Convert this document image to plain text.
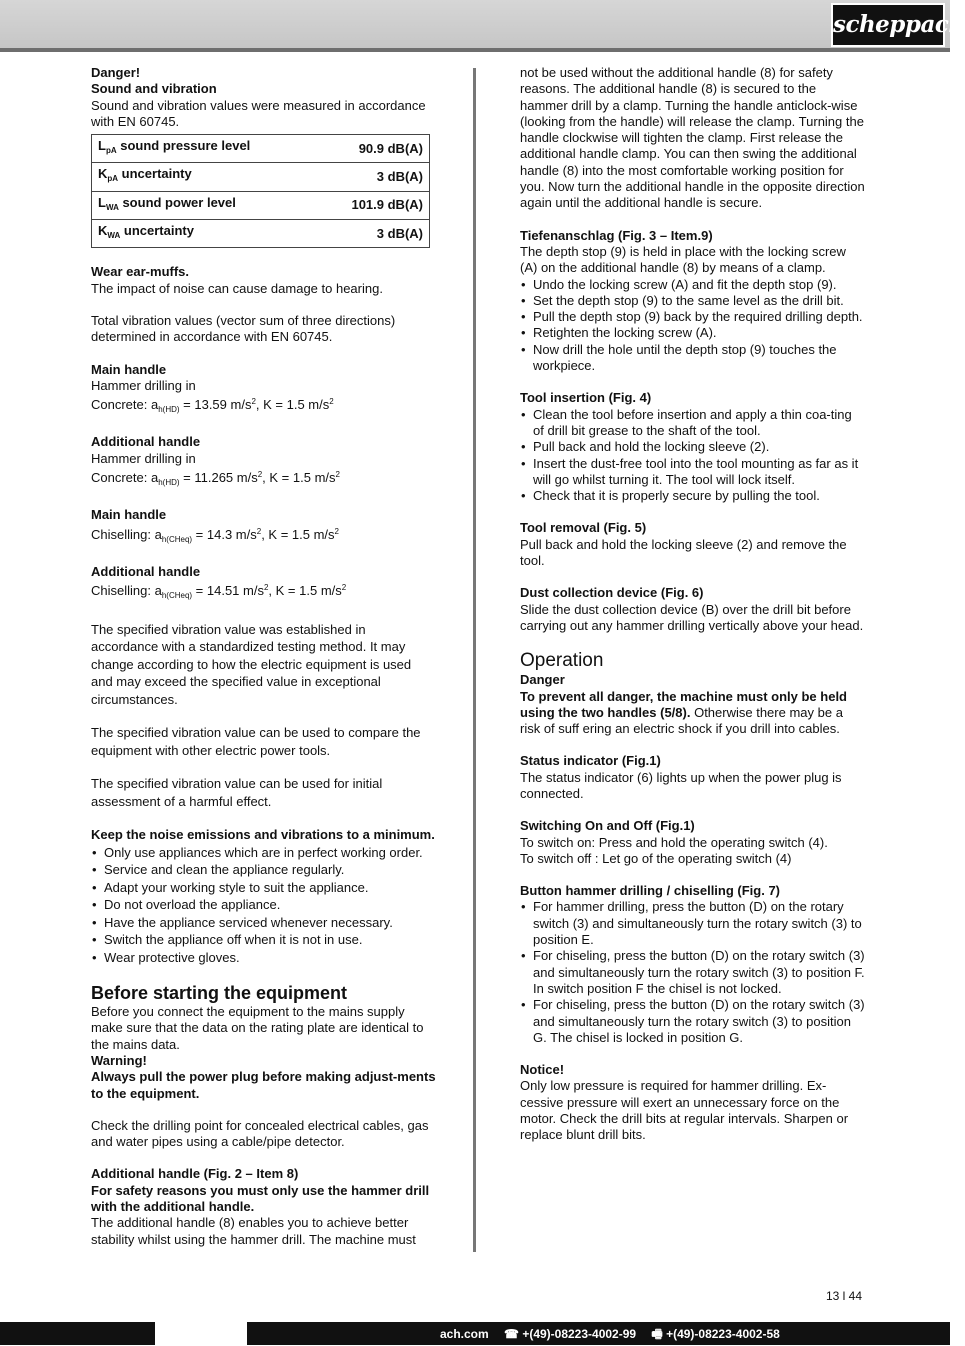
scheppach

Danger!

Sound and vibration

Sound and vibration values were measured in accordance with EN 60745.

$L_{pA}$ sound pressure level	90.9 dB(A)
$K_{pA}$ uncertainty	3 dB(A)
$L_{WA}$ sound power level	101.9 dB(A)
$K_{WA}$ uncertainty	3 dB(A)

Wear ear-muffs.

The impact of noise can cause damage to hearing.

Total vibration values (vector sum of three directions) determined in accordance with EN 60745.

Main handle

Hammer drilling in

Concrete: $a_{h(HD)} = 13.59$ $m/s^2$, K = 1.5 $m/s^2$

Additional handle

Hammer drilling in

Concrete: $a_{h(HD)} = 11.265$ $m/s^2$, K = 1.5 $m/s^2$

Main handle

Chiselling: $a_{h(CHeq)} = 14.3$ $m/s^2$, K = 1.5 $m/s^2$

Additional handle

Chiselling: $a_{h(CHeq)} = 14.51$ $m/s^2$, K = 1.5 $m/s^2$

The specified vibration value was established in accordance with a standardized testing method. It may change according to how the electric equipment is used and may exceed the specified value in exceptional circumstances.

The specified vibration value can be used to compare the equipment with other electric power tools.

The specified vibration value can be used for initial assessment of a harmful effect.

Keep the noise emissions and vibrations to a minimum.

• Only use appliances which are in perfect working order.
• Service and clean the appliance regularly.
• Adapt your working style to suit the appliance.
• Do not overload the appliance.
• Have the appliance serviced whenever necessary.
• Switch the appliance off when it is not in use.
• Wear protective gloves.
Before starting the equipment

Before you connect the equipment to the mains supply make sure that the data on the rating plate are identical to the mains data.

Warning!

Always pull the power plug before making adjust-ments to the equipment.

Check the drilling point for concealed electrical cables, gas and water pipes using a cable/pipe detector.

Additional handle (Fig. 2 – Item 8)

For safety reasons you must only use the hammer drill with the additional handle.

The additional handle (8) enables you to achieve better stability whilst using the hammer drill. The machine must

not be used without the additional handle (8) for safety reasons. The additional handle (8) is secured to the hammer drill by a clamp. Turning the handle anticlock-wise (looking from the handle) will release the clamp. Turning the handle clockwise will tighten the clamp. First release the additional handle clamp. You can then swing the additional handle (8) into the most comfortable working position for you. Now turn the additional handle in the opposite direction again until the additional handle is secure.

Tiefenanschlag (Fig. 3 – Item.9)

The depth stop (9) is held in place with the locking screw (A) on the additional handle (8) by means of a clamp.

• Undo the locking screw (A) and fit the depth stop (9).
• Set the depth stop (9) to the same level as the drill bit.
• Pull the depth stop (9) back by the required drilling depth.
• Retighten the locking screw (A).
• Now drill the hole until the depth stop (9) touches the workpiece.

Tool insertion (Fig. 4)

• Clean the tool before insertion and apply a thin coa-ting of drill bit grease to the shaft of the tool.
• Pull back and hold the locking sleeve (2).
• Insert the dust-free tool into the tool mounting as far as it will go whilst turning it. The tool will lock itself.
• Check that it is properly secure by pulling the tool.

Tool removal (Fig. 5)

Pull back and hold the locking sleeve (2) and remove the tool.

Dust collection device (Fig. 6)

Slide the dust collection device (B) over the drill bit before carrying out any hammer drilling vertically above your head.

Operation

Danger

To prevent all danger, the machine must only be held using the two handles (5/8). Otherwise there may be a risk of suff ering an electric shock if you drill into cables.

Status indicator (Fig.1)

The status indicator (6) lights up when the power plug is connected.

Switching On and Off (Fig.1)

To switch on: Press and hold the operating switch (4).

To switch off : Let go of the operating switch (4)

Button hammer drilling / chiselling (Fig. 7)

• For hammer drilling, press the button (D) on the rotary switch (3) and simultaneously turn the rotary switch (3) to position E.
• For chiseling, press the button (D) on the rotary switch (3) and simultaneously turn the rotary switch (3) to position F. In switch position F the chisel is not locked.
• For chiseling, press the button (D) on the rotary switch (3) and simultaneously turn the rotary switch (3) to position G. The chisel is locked in position G.

Notice!

Only low pressure is required for hammer drilling. Ex-cessive pressure will exert an unnecessary force on the motor. Check the drill bits at regular intervals. Sharpen or replace blunt drill bits.

13 l 44
ach.com ☎ +(49)-08223-4002-99 🖷 +(49)-08223-4002-58
